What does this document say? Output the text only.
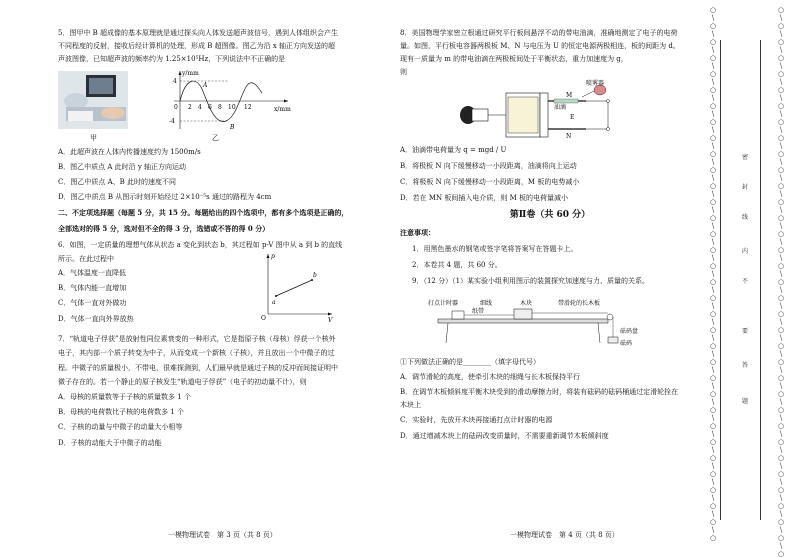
5．图甲中 B 超成像的基本原理就是通过探头向人体发送超声波信号，遇到人体组织会产生

不同程度的反射，接收后经计算机的处理，形成 B 超图像。图乙为沿 x 轴正方向发送的超

声波图像，已知超声波的频率约为 1.25×10⁵Hz，下列说法中不正确的是

甲
y/mm
x/mm
4
-4
0 2 4 6 8 10 12
A
B
乙

A．此超声波在人体内传播速度约为 1500m/s

B．图乙中质点 A 此时沿 y 轴正方向运动

C．图乙中质点 A、B 此时的速度不同

D．图乙中质点 B 从图示时刻开始经过 2×10⁻⁵s 通过的路程为 4cm

二、不定项选择题（每题 5 分，共 15 分。每题给出的四个选项中，都有多个选项是正确的，

全部选对的得 5 分，选对但不全的得 3 分，选错或不答的得 0 分）

6．如图，一定质量的理想气体从状态 a 变化到状态 b，其过程如 p-V 图中从 a 到 b 的直线

所示。在此过程中

A．气体温度一直降低

B．气体内能一直增加

C．气体一直对外做功

D．气体一直向外界放热

p
V
O
a
b

7．“轨道电子俘获”是放射性同位素衰变的一种形式，它是指原子核（母核）俘获一个核外

电子，其内部一个质子转变为中子，从而变成一个新核（子核），并且放出一个中微子的过

程。中微子的质量极小，不带电，很难探测到，人们最早就是通过子核的反冲而间接证明中

微子存在的。若一个静止的原子核发生“轨道电子俘获”（电子的初动量不计），则

A．母核的质量数等于子核的质量数多 1 个

B．母核的电荷数比子核的电荷数多 1 个

C．子核的动量与中微子的动量大小相等

D．子核的动能大于中微子的动能

一模物理试卷　第 3 页（共 8 页）

8．美国物理学家密立根通过研究平行板间悬浮不动的带电油滴，准确地测定了电子的电荷

量。如图，平行板电容器两极板 M、N 与电压为 U 的恒定电源两极相连，板的间距为 d。

现有一质量为 m 的带电油滴在两极板间处于平衡状态，重力加速度为 g，

则

M
N
油滴
E
喷雾器

A．油滴带电荷量为 q = mgd / U

B．将极板 N 向下缓慢移动一小段距离，油滴将向上运动

C．将极板 N 向下缓慢移动一小段距离，M 板的电势减小

D．若在 MN 板间插入电介质，则 M 板的电荷量减小

第Ⅱ卷（共 60 分）

注意事项：

1．用黑色墨水的钢笔或签字笔将答案写在答题卡上。

2．本卷共 4 题，共 60 分。

9．（12 分）（1）某实验小组利用图示的装置探究加速度与力、质量的关系。

打点计时器	细线
纸带
木块	带滑轮的长木板
砝码盘
砝码

①下列做法正确的是________（填字母代号）

A．调节滑轮的高度，使牵引木块的细绳与长木板保持平行

B．在调节木板倾斜度平衡木块受到的滑动摩擦力时，将装有砝码的砝码桶通过定滑轮拴在

木块上

C．实验时，先放开木块再接通打点计时器的电源

D．通过增减木块上的砝码改变质量时，不需要重新调节木板倾斜度

一模物理试卷　第 4 页（共 8 页）
○
\
○
\
○
\
○
\
○
\
○
\
○
\
○
\
○
\
○
\
○
\
○
\
○
\
○
\
○
\
○
\
○
\
○
\
○
\
○
\
○
\
○
\
○
\
○
\
○
\
○
\
○
\
○
\
○
\
○
\
○
\
○
\
○
\
○
○
\
○
\
○
\
○
\
○
\
○
\
○
\
○
\
○
\
○
\
○
\
○
\
○
\
○
\
○
\
○
\
○
\
○
\
○
\
○
\
○
\
○
\
○
\
○
\
○
\
○
\
○
\
○
\
○
\
○
\
○
\
○
\
○
\
○
\
○
密
封
线
内
不
要
答
题
